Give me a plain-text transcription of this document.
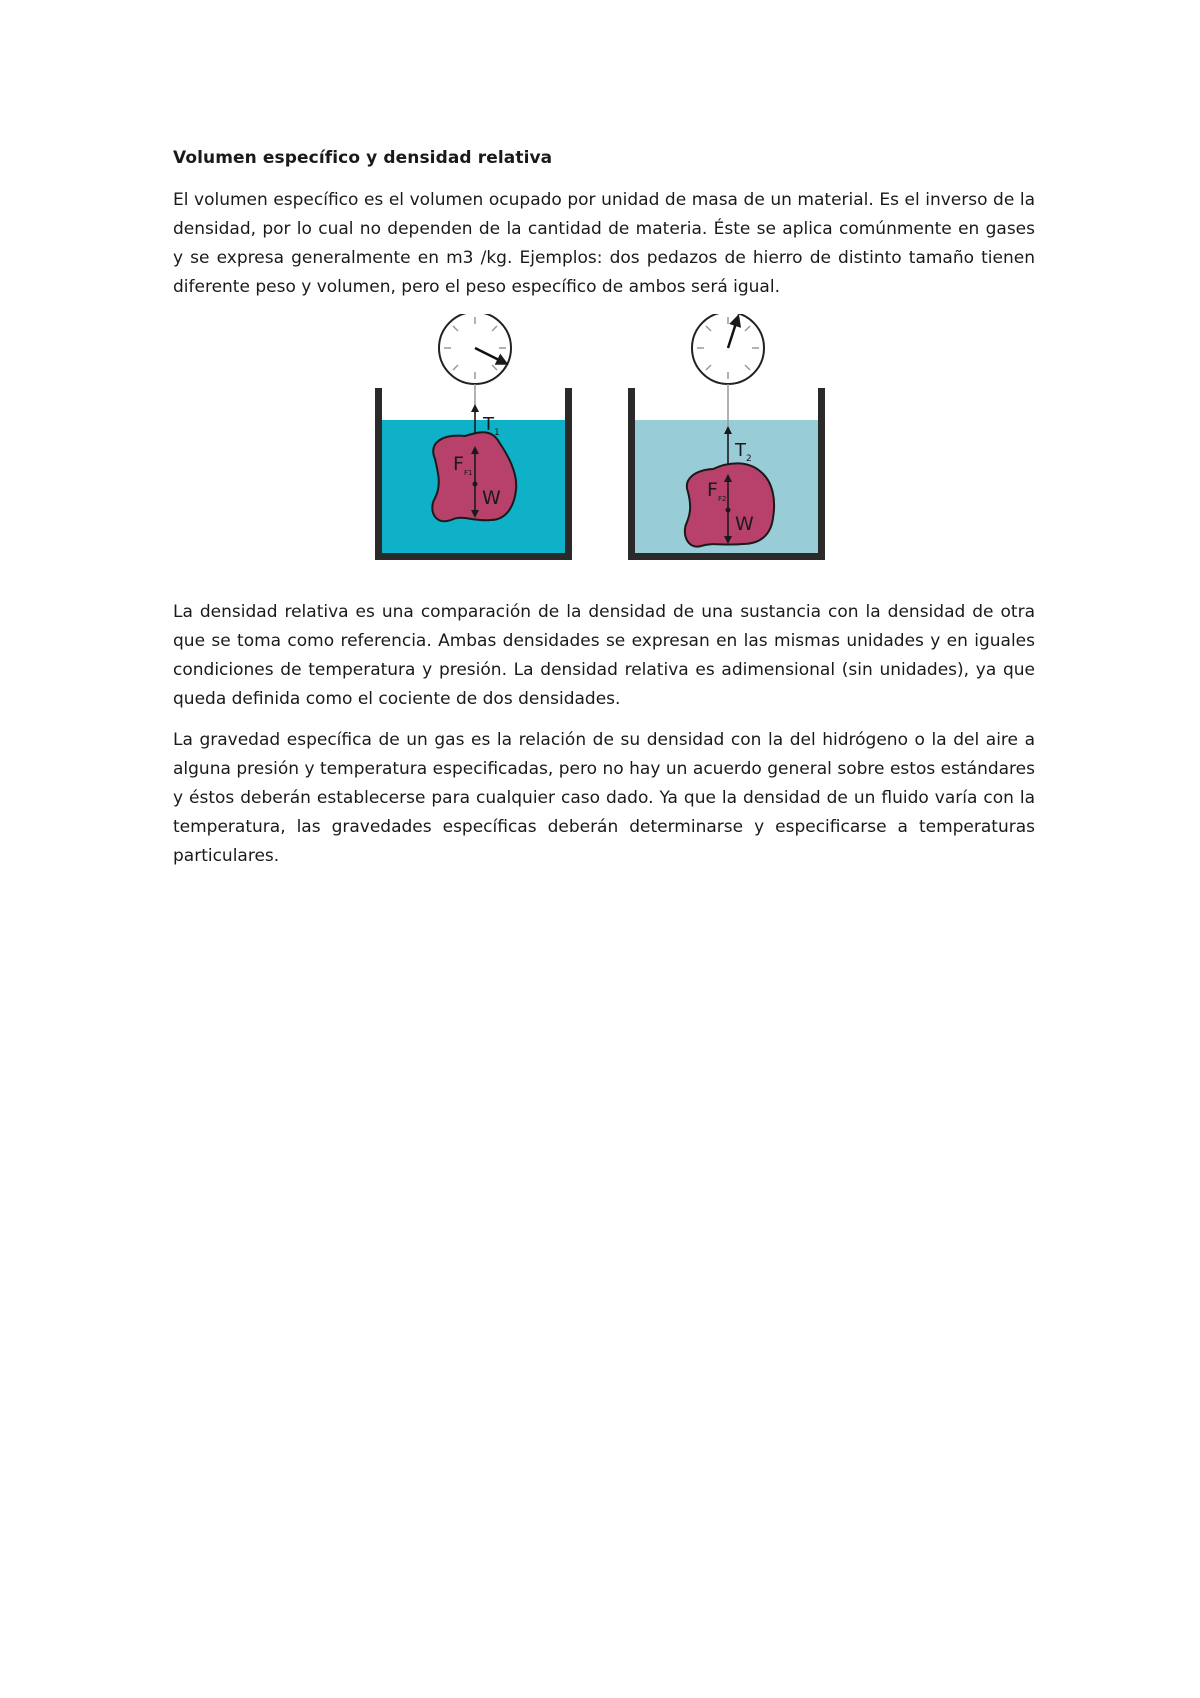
Volumen específico y densidad relativa

El volumen específico es el volumen ocupado por unidad de masa de un material. Es el inverso de la densidad, por lo cual no dependen de la cantidad de materia. Éste se aplica comúnmente en gases y se expresa generalmente en m3 /kg. Ejemplos: dos pedazos de hierro de distinto tamaño tienen diferente peso y volumen, pero el peso específico de ambos será igual.

$T_1$
$F_{F1}$
W
$T_2$
$F_{F2}$
W

La densidad relativa es una comparación de la densidad de una sustancia con la densidad de otra que se toma como referencia. Ambas densidades se expresan en las mismas unidades y en iguales condiciones de temperatura y presión. La densidad relativa es adimensional (sin unidades), ya que queda definida como el cociente de dos densidades.

La gravedad específica de un gas es la relación de su densidad con la del hidrógeno o la del aire a alguna presión y temperatura especificadas, pero no hay un acuerdo general sobre estos estándares y éstos deberán establecerse para cualquier caso dado. Ya que la densidad de un fluido varía con la temperatura, las gravedades específicas deberán determinarse y especificarse a temperaturas particulares.
